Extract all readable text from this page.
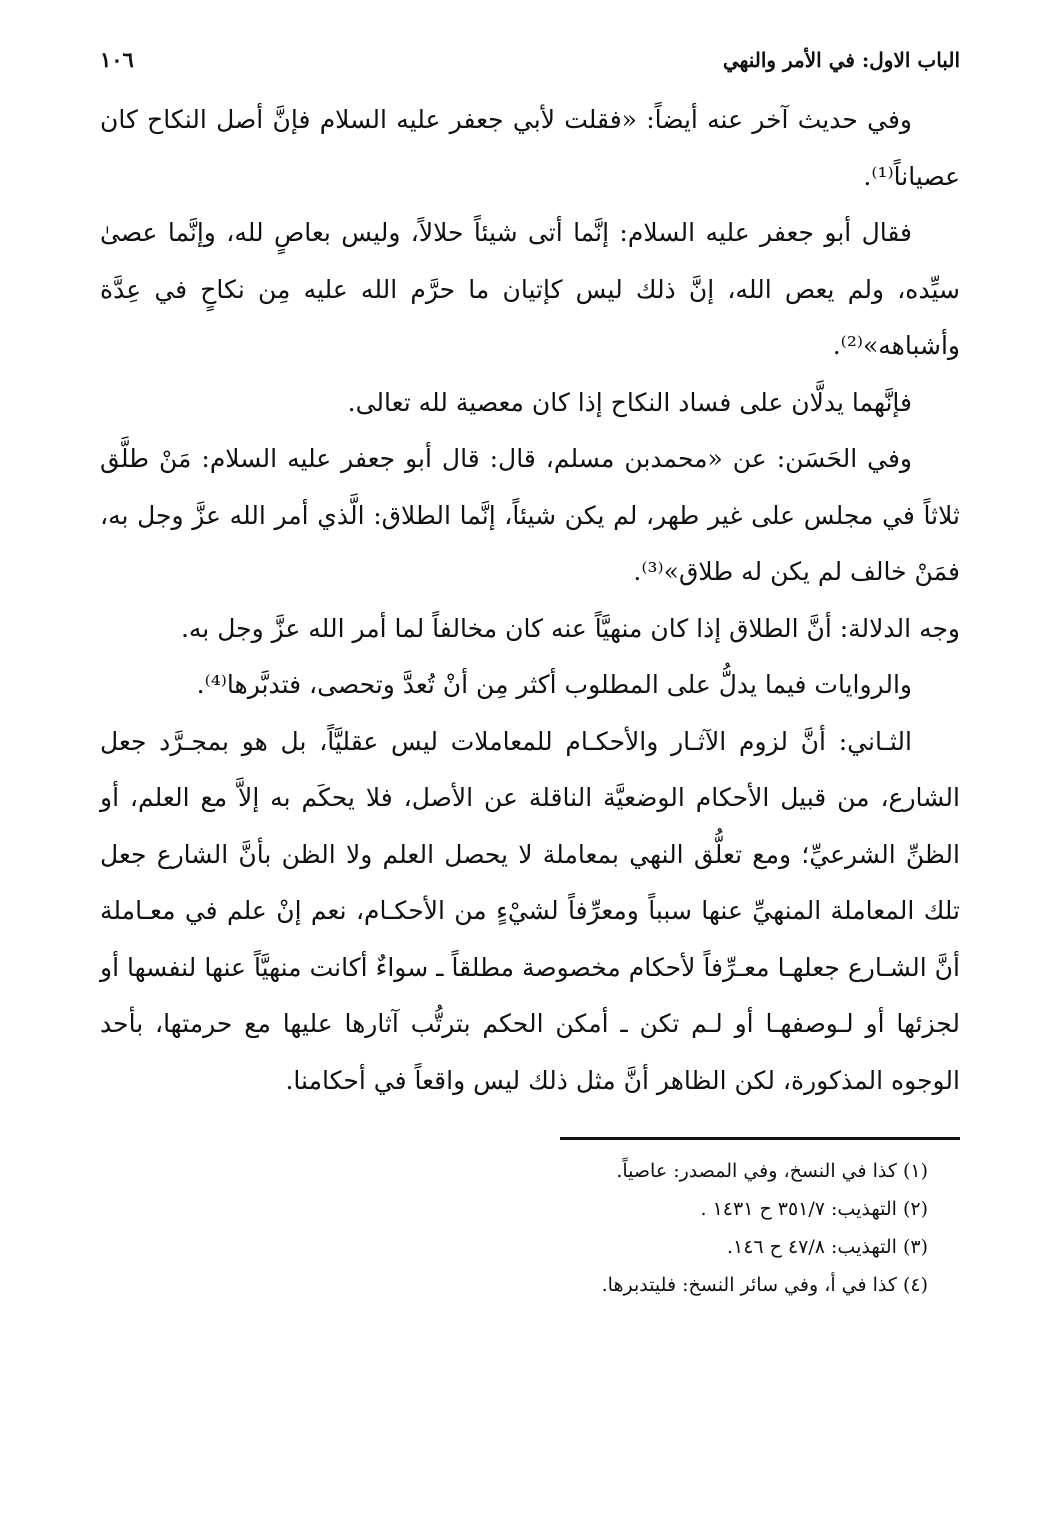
الباب الاول: في الأمر والنهي
١٠٦

وفي حديث آخر عنه أيضاً: «فقلت لأبي جعفر عليه السلام فإنَّ أصل النكاح كان عصياناً⁽¹⁾.

فقال أبو جعفر عليه السلام: إنَّما أتى شيئاً حلالاً، وليس بعاصٍ لله، وإنَّما عصىٰ سيِّده، ولم يعص الله، إنَّ ذلك ليس كإتيان ما حرَّم الله عليه مِن نكاحٍ في عِدَّة وأشباهه»⁽²⁾.

فإنَّهما يدلَّان على فساد النكاح إذا كان معصية لله تعالى.

وفي الحَسَن: عن «محمدبن مسلم، قال: قال أبو جعفر عليه السلام: مَنْ طلَّق ثلاثاً في مجلس على غير طهر، لم يكن شيئاً، إنَّما الطلاق: الَّذي أمر الله عزَّ وجل به، فمَنْ خالف لم يكن له طلاق»⁽³⁾.

وجه الدلالة: أنَّ الطلاق إذا كان منهيَّاً عنه كان مخالفاً لما أمر الله عزَّ وجل به.

والروايات فيما يدلُّ على المطلوب أكثر مِن أنْ تُعدَّ وتحصى، فتدبَّرها⁽⁴⁾.

الثـاني: أنَّ لزوم الآثـار والأحكـام للمعاملات ليس عقليَّاً، بل هو بمجـرَّد جعل الشارع، من قبيل الأحكام الوضعيَّة الناقلة عن الأصل، فلا يحكَم به إلاَّ مع العلم، أو الظنِّ الشرعيِّ؛ ومع تعلُّق النهي بمعاملة لا يحصل العلم ولا الظن بأنَّ الشارع جعل تلك المعاملة المنهيِّ عنها سبباً ومعرِّفاً لشيْءٍ من الأحكـام، نعم إنْ علم في معـاملة أنَّ الشـارع جعلهـا معـرِّفاً لأحكام مخصوصة مطلقاً ـ سواءٌ أكانت منهيَّاً عنها لنفسها أو لجزئها أو لـوصفهـا أو لـم تكن ـ أمكن الحكم بترتُّب آثارها عليها مع حرمتها، بأحد الوجوه المذكورة، لكن الظاهر أنَّ مثل ذلك ليس واقعاً في أحكامنا.

(١) كذا في النسخ، وفي المصدر: عاصياً.

(٢) التهذيب: ٣٥١/٧ ح ١٤٣١ .

(٣) التهذيب: ٤٧/٨ ح ١٤٦.

(٤) كذا في أ، وفي سائر النسخ: فليتدبرها.
